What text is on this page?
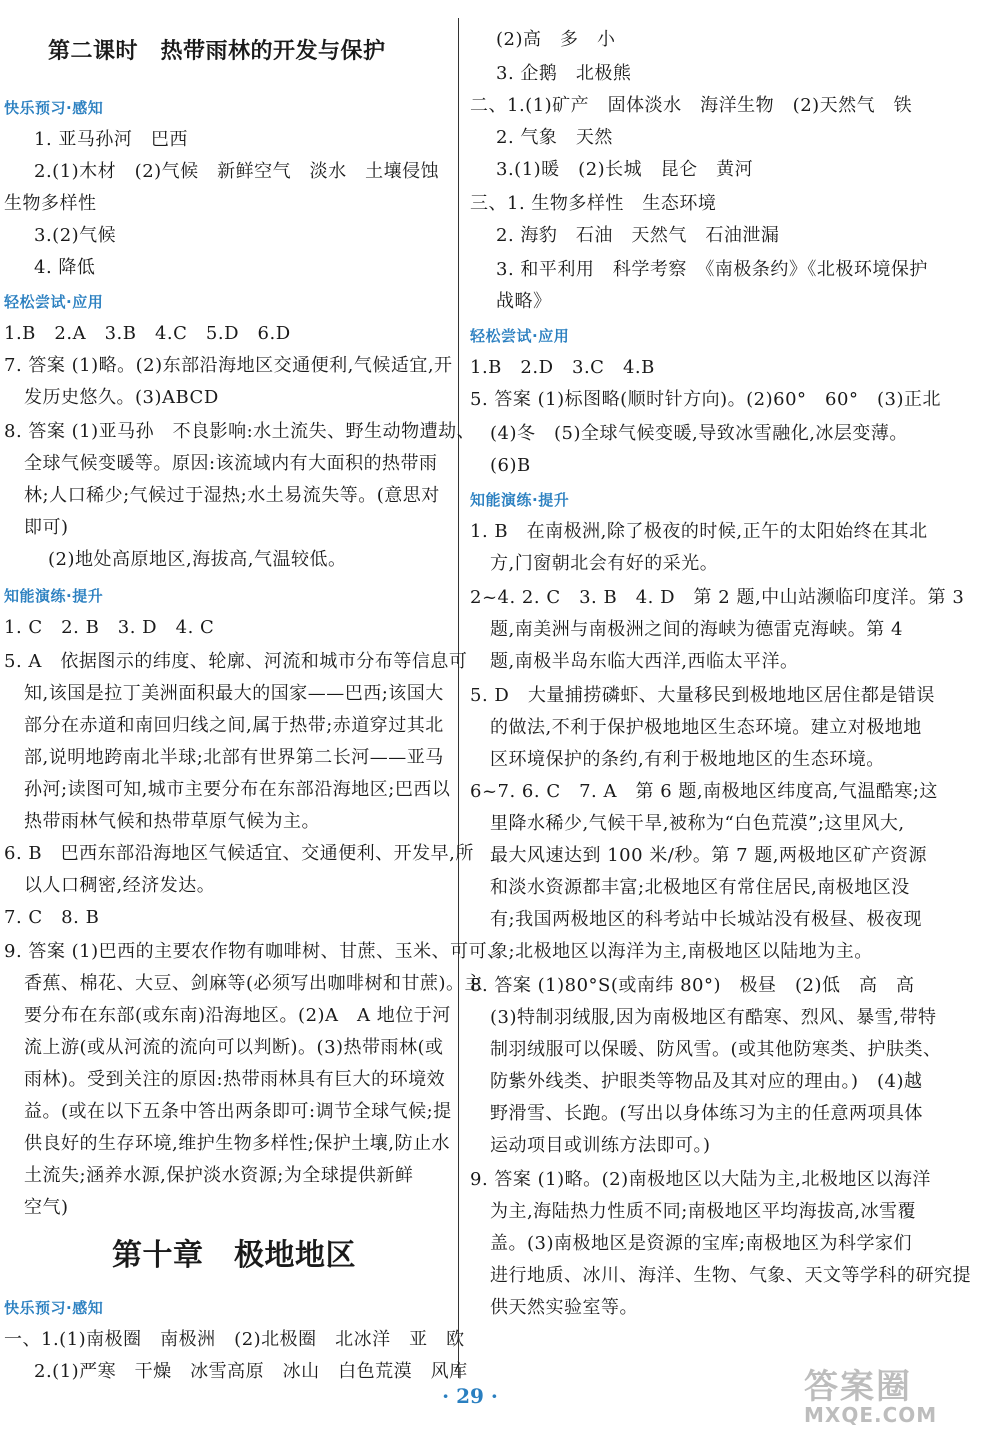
第二课时　热带雨林的开发与保护
快乐预习·感知
1. 亚马孙河　巴西
2.(1)木材　(2)气候　新鲜空气　淡水　土壤侵蚀
生物多样性
3.(2)气候
4. 降低
轻松尝试·应用
1.B　2.A　3.B　4.C　5.D　6.D
7. 答案 (1)略。(2)东部沿海地区交通便利,气候适宜,开
发历史悠久。(3)ABCD
8. 答案 (1)亚马孙　不良影响:水土流失、野生动物遭劫、
全球气候变暖等。原因:该流域内有大面积的热带雨
林;人口稀少;气候过于湿热;水土易流失等。(意思对
即可)
(2)地处高原地区,海拔高,气温较低。
知能演练·提升
1. C　2. B　3. D　4. C
5. A　依据图示的纬度、轮廓、河流和城市分布等信息可
知,该国是拉丁美洲面积最大的国家——巴西;该国大
部分在赤道和南回归线之间,属于热带;赤道穿过其北
部,说明地跨南北半球;北部有世界第二长河——亚马
孙河;读图可知,城市主要分布在东部沿海地区;巴西以
热带雨林气候和热带草原气候为主。
6. B　巴西东部沿海地区气候适宜、交通便利、开发早,所
以人口稠密,经济发达。
7. C　8. B
9. 答案 (1)巴西的主要农作物有咖啡树、甘蔗、玉米、可可、
香蕉、棉花、大豆、剑麻等(必须写出咖啡树和甘蔗)。主
要分布在东部(或东南)沿海地区。(2)A　A 地位于河
流上游(或从河流的流向可以判断)。(3)热带雨林(或
雨林)。受到关注的原因:热带雨林具有巨大的环境效
益。(或在以下五条中答出两条即可:调节全球气候;提
供良好的生存环境,维护生物多样性;保护土壤,防止水
土流失;涵养水源,保护淡水资源;为全球提供新鲜
空气)
第十章　极地地区
快乐预习·感知
一、1.(1)南极圈　南极洲　(2)北极圈　北冰洋　亚　欧
2.(1)严寒　干燥　冰雪高原　冰山　白色荒漠　风库
(2)高　多　小
3. 企鹅　北极熊
二、1.(1)矿产　固体淡水　海洋生物　(2)天然气　铁
2. 气象　天然
3.(1)暖　(2)长城　昆仑　黄河
三、1. 生物多样性　生态环境
2. 海豹　石油　天然气　石油泄漏
3. 和平利用　科学考察　《南极条约》《北极环境保护
战略》
轻松尝试·应用
1.B　2.D　3.C　4.B
5. 答案 (1)标图略(顺时针方向)。(2)60°　60°　(3)正北
(4)冬　(5)全球气候变暖,导致冰雪融化,冰层变薄。
(6)B
知能演练·提升
1. B　在南极洲,除了极夜的时候,正午的太阳始终在其北
方,门窗朝北会有好的采光。
2~4. 2. C　3. B　4. D　第 2 题,中山站濒临印度洋。第 3
题,南美洲与南极洲之间的海峡为德雷克海峡。第 4
题,南极半岛东临大西洋,西临太平洋。
5. D　大量捕捞磷虾、大量移民到极地地区居住都是错误
的做法,不利于保护极地地区生态环境。建立对极地地
区环境保护的条约,有利于极地地区的生态环境。
6~7. 6. C　7. A　第 6 题,南极地区纬度高,气温酷寒;这
里降水稀少,气候干旱,被称为“白色荒漠”;这里风大,
最大风速达到 100 米/秒。第 7 题,两极地区矿产资源
和淡水资源都丰富;北极地区有常住居民,南极地区没
有;我国两极地区的科考站中长城站没有极昼、极夜现
象;北极地区以海洋为主,南极地区以陆地为主。
8. 答案 (1)80°S(或南纬 80°)　极昼　(2)低　高　高
(3)特制羽绒服,因为南极地区有酷寒、烈风、暴雪,带特
制羽绒服可以保暖、防风雪。(或其他防寒类、护肤类、
防紫外线类、护眼类等物品及其对应的理由。)　(4)越
野滑雪、长跑。(写出以身体练习为主的任意两项具体
运动项目或训练方法即可。)
9. 答案 (1)略。(2)南极地区以大陆为主,北极地区以海洋
为主,海陆热力性质不同;南极地区平均海拔高,冰雪覆
盖。(3)南极地区是资源的宝库;南极地区为科学家们
进行地质、冰川、海洋、生物、气象、天文等学科的研究提
供天然实验室等。
· 29 ·	答案圈
MXQE.COM
